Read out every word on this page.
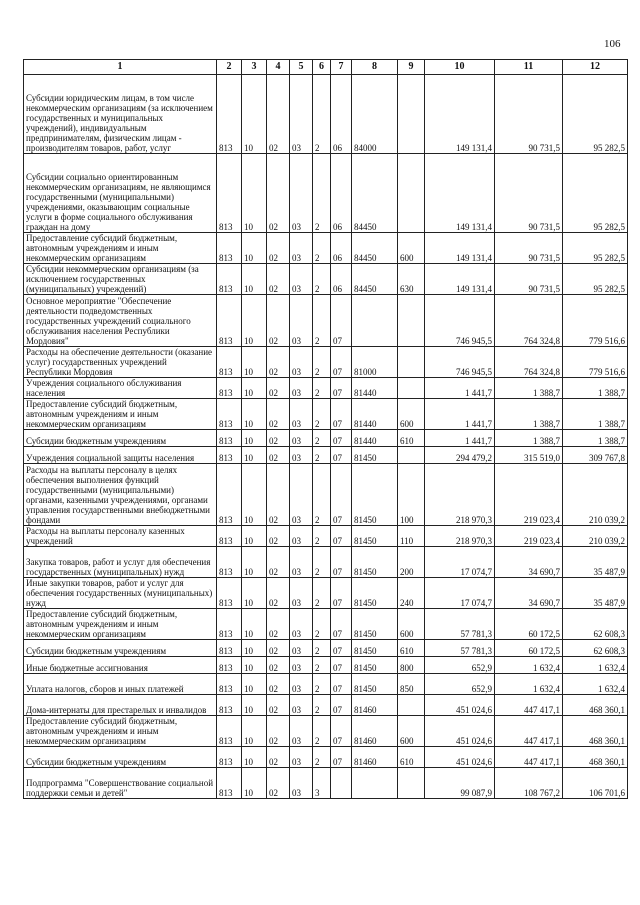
106
1	2	3	4	5	6	7	8	9	10	11	12
Субсидии юридическим лицам, в том числе некоммерческим организациям (за исключением государственных и муниципальных учреждений), индивидуальным предпринимателям, физическим лицам - производителям товаров, работ, услуг	813	10	02	03	2	06	84000		149 131,4	90 731,5	95 282,5
Субсидии социально ориентированным некоммерческим организациям, не являющимся государственными (муниципальными) учреждениями, оказывающим социальные услуги в форме социального обслуживания граждан на дому	813	10	02	03	2	06	84450		149 131,4	90 731,5	95 282,5
Предоставление субсидий бюджетным, автономным учреждениям и иным некоммерческим организациям	813	10	02	03	2	06	84450	600	149 131,4	90 731,5	95 282,5
Субсидии некоммерческим организациям (за исключением государственных (муниципальных) учреждений)	813	10	02	03	2	06	84450	630	149 131,4	90 731,5	95 282,5
Основное мероприятие "Обеспечение деятельности подведомственных государственных учреждений социального обслуживания населения Республики Мордовия"	813	10	02	03	2	07			746 945,5	764 324,8	779 516,6
Расходы на обеспечение деятельности (оказание услуг) государственных учреждений Республики Мордовия	813	10	02	03	2	07	81000		746 945,5	764 324,8	779 516,6
Учреждения социального обслуживания населения	813	10	02	03	2	07	81440		1 441,7	1 388,7	1 388,7
Предоставление субсидий бюджетным, автономным учреждениям и иным некоммерческим организациям	813	10	02	03	2	07	81440	600	1 441,7	1 388,7	1 388,7
Субсидии бюджетным учреждениям	813	10	02	03	2	07	81440	610	1 441,7	1 388,7	1 388,7
Учреждения социальной защиты населения	813	10	02	03	2	07	81450		294 479,2	315 519,0	309 767,8
Расходы на выплаты персоналу в целях обеспечения выполнения функций государственными (муниципальными) органами, казенными учреждениями, органами управления государственными внебюджетными фондами	813	10	02	03	2	07	81450	100	218 970,3	219 023,4	210 039,2
Расходы на выплаты персоналу казенных учреждений	813	10	02	03	2	07	81450	110	218 970,3	219 023,4	210 039,2
Закупка товаров, работ и услуг для обеспечения государственных (муниципальных) нужд	813	10	02	03	2	07	81450	200	17 074,7	34 690,7	35 487,9
Иные закупки товаров, работ и услуг для обеспечения государственных (муниципальных) нужд	813	10	02	03	2	07	81450	240	17 074,7	34 690,7	35 487,9
Предоставление субсидий бюджетным, автономным учреждениям и иным некоммерческим организациям	813	10	02	03	2	07	81450	600	57 781,3	60 172,5	62 608,3
Субсидии бюджетным учреждениям	813	10	02	03	2	07	81450	610	57 781,3	60 172,5	62 608,3
Иные бюджетные ассигнования	813	10	02	03	2	07	81450	800	652,9	1 632,4	1 632,4
Уплата налогов, сборов и иных платежей	813	10	02	03	2	07	81450	850	652,9	1 632,4	1 632,4
Дома-интернаты для престарелых и инвалидов	813	10	02	03	2	07	81460		451 024,6	447 417,1	468 360,1
Предоставление субсидий бюджетным, автономным учреждениям и иным некоммерческим организациям	813	10	02	03	2	07	81460	600	451 024,6	447 417,1	468 360,1
Субсидии бюджетным учреждениям	813	10	02	03	2	07	81460	610	451 024,6	447 417,1	468 360,1
Подпрограмма "Совершенствование социальной поддержки семьи и детей"	813	10	02	03	3				99 087,9	108 767,2	106 701,6
